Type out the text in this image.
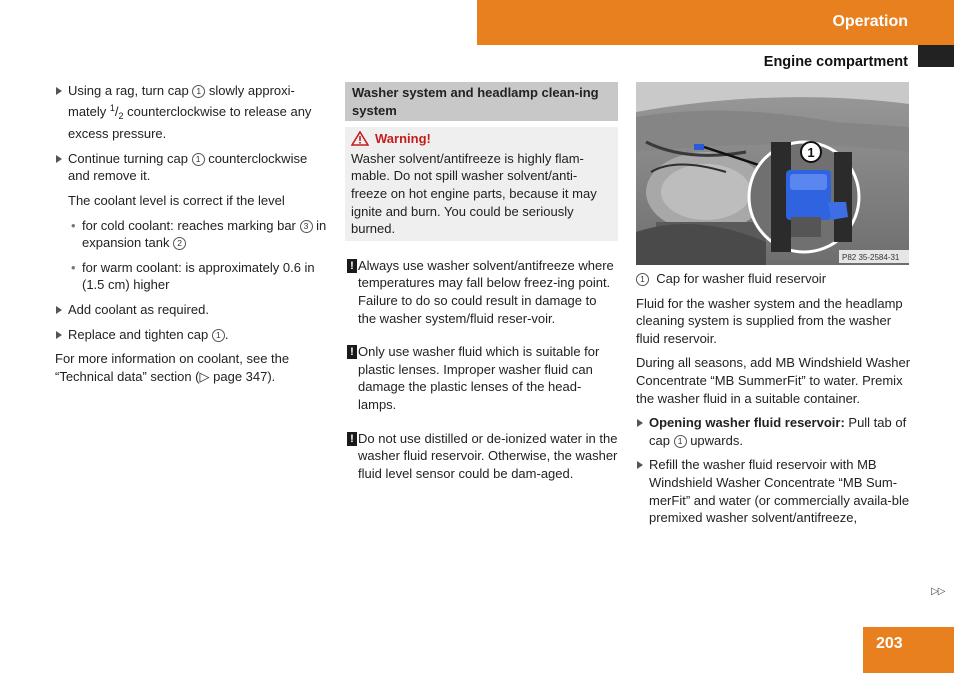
Operation
Engine compartment
Using a rag, turn cap 1 slowly approxi-mately $^1/_2$ counterclockwise to release any excess pressure.
Continue turning cap 1 counterclockwise and remove it.
The coolant level is correct if the level
• for cold coolant: reaches marking bar 3 in expansion tank 2
• for warm coolant: is approximately 0.6 in (1.5 cm) higher
Add coolant as required.
Replace and tighten cap 1 .
For more information on coolant, see the “Technical data” section (▷ page 347).
Washer system and headlamp clean-ing system
Warning!
Washer solvent/antifreeze is highly flam-mable. Do not spill washer solvent/anti-freeze on hot engine parts, because it may ignite and burn. You could be seriously burned.
! Always use washer solvent/antifreeze where temperatures may fall below freez-ing point. Failure to do so could result in damage to the washer system/fluid reser-voir.
! Only use washer fluid which is suitable for plastic lenses. Improper washer fluid can damage the plastic lenses of the head-lamps.
! Do not use distilled or de-ionized water in the washer fluid reservoir. Otherwise, the washer fluid level sensor could be dam-aged.
1
P82 35-2584-31
1 Cap for washer fluid reservoir
Fluid for the washer system and the headlamp cleaning system is supplied from the washer fluid reservoir.
During all seasons, add MB Windshield Washer Concentrate “MB SummerFit” to water. Premix the washer fluid in a suitable container.
Opening washer fluid reservoir: Pull tab of cap 1 upwards.
Refill the washer fluid reservoir with MB Windshield Washer Concentrate “MB Sum-merFit” and water (or commercially availa-ble premixed washer solvent/antifreeze,
▷▷
203
